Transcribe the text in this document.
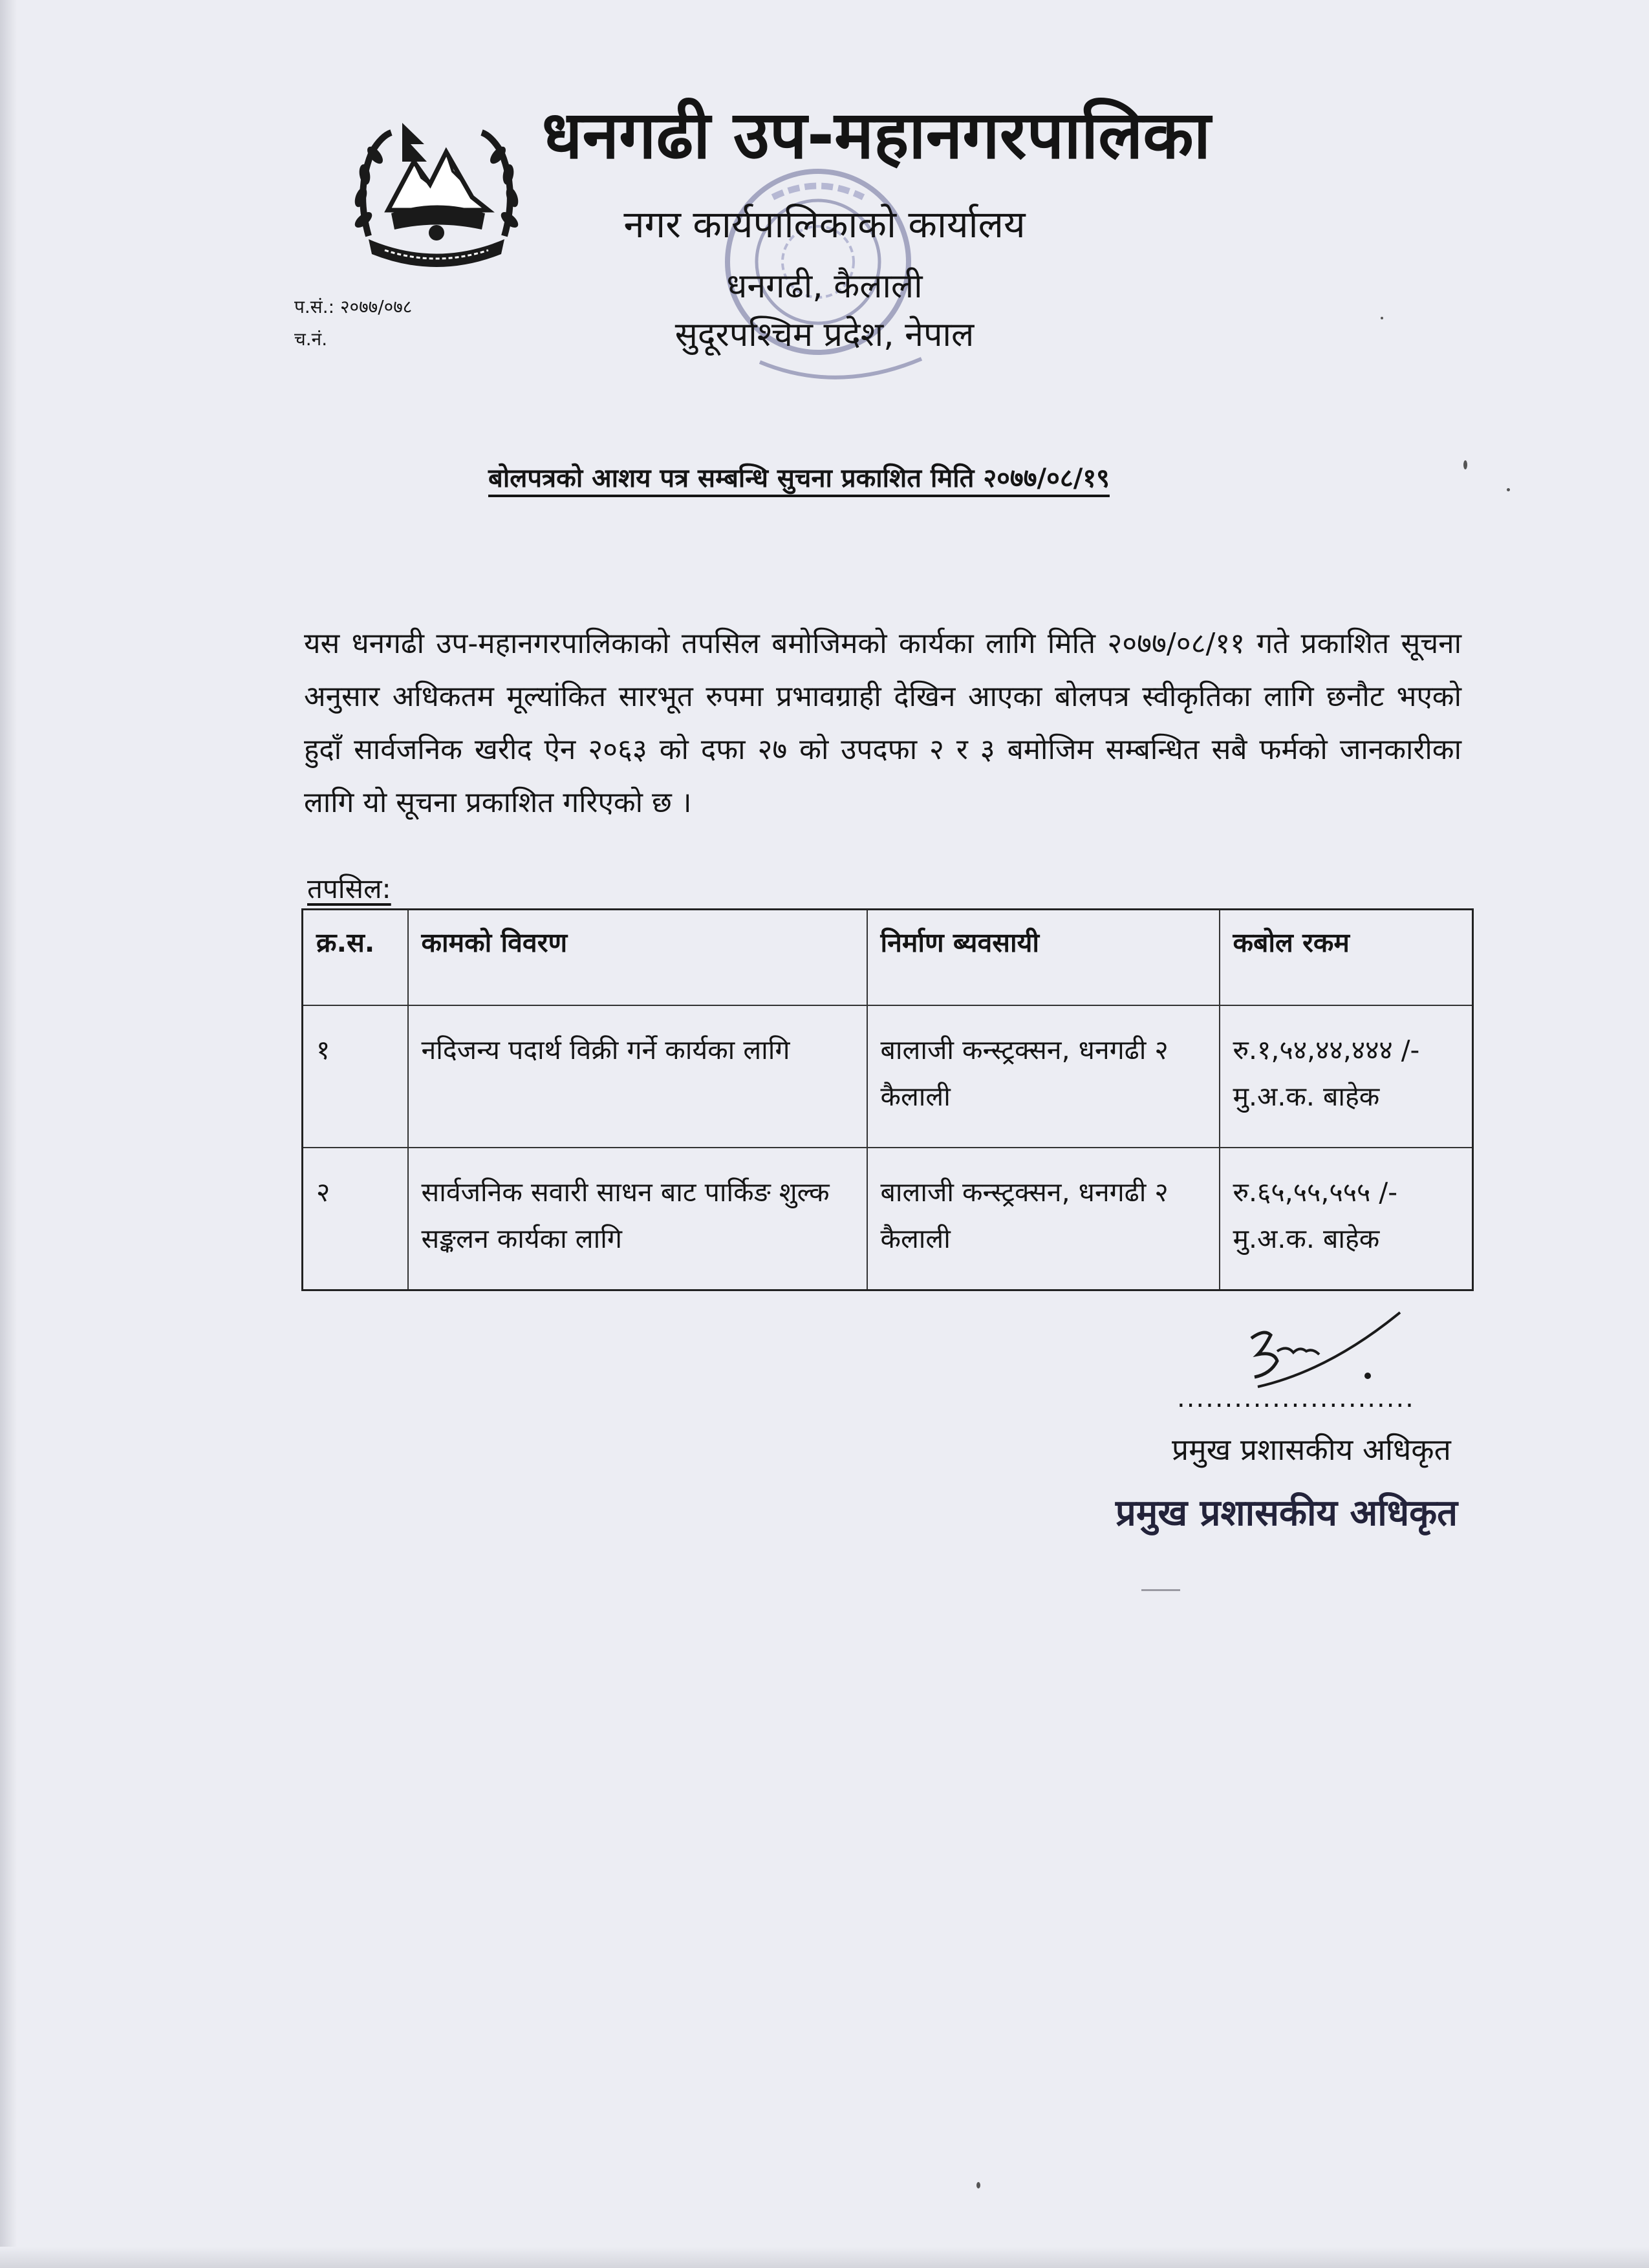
धनगढी उप-महानगरपालिका
नगर कार्यपालिकाको कार्यालय
धनगढी, कैलाली
सुदूरपश्चिम प्रदेश, नेपाल
प.सं.: २०७७/०७८
च.नं.
बोलपत्रको आशय पत्र सम्बन्धि सुचना प्रकाशित मिति २०७७/०८/१९

यस धनगढी उप-महानगरपालिकाको तपसिल बमोजिमको कार्यका लागि मिति २०७७/०८/११ गते प्रकाशित सूचना अनुसार अधिकतम मूल्यांकित सारभूत रुपमा प्रभावग्राही देखिन आएका बोलपत्र स्वीकृतिका लागि छनौट भएको हुदाँ सार्वजनिक खरीद ऐन २०६३ को दफा २७ को उपदफा २ र ३ बमोजिम सम्बन्धित सबै फर्मको जानकारीका लागि यो सूचना प्रकाशित गरिएको छ ।

तपसिल:
क्र.स.	कामको विवरण	निर्माण ब्यवसायी	कबोल रकम
१	नदिजन्य पदार्थ विक्री गर्ने कार्यका लागि	बालाजी कन्स्ट्रक्सन, धनगढी २ कैलाली	रु.१,५४,४४,४४४ /- मु.अ.क. बाहेक
२	सार्वजनिक सवारी साधन बाट पार्किङ शुल्क सङ्कलन कार्यका लागि	बालाजी कन्स्ट्रक्सन, धनगढी २ कैलाली	रु.६५,५५,५५५ /- मु.अ.क. बाहेक
.........................
प्रमुख प्रशासकीय अधिकृत
प्रमुख प्रशासकीय अधिकृत
